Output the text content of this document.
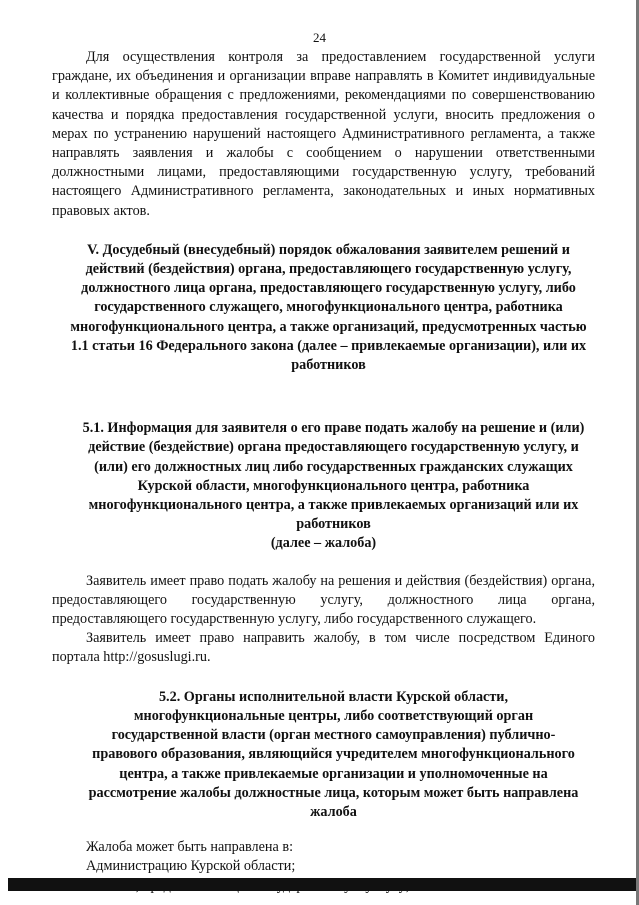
24

Для осуществления контроля за предоставлением государственной услуги граждане, их объединения и организации вправе направлять в Комитет индивидуальные и коллективные обращения с предложениями, рекомендациями по совершенствованию качества и порядка предоставления государственной услуги, вносить предложения о мерах по устранению нарушений настоящего Административного регламента, а также направлять заявления и жалобы с сообщением о нарушении ответственными должностными лицами, предоставляющими государственную услугу, требований настоящего Административного регламента, законодательных и иных нормативных правовых актов.

V. Досудебный (внесудебный) порядок обжалования заявителем решений и действий (бездействия) органа, предоставляющего государственную услугу, должностного лица органа, предоставляющего государственную услугу, либо государственного служащего, многофункционального центра, работника многофункционального центра, а также организаций, предусмотренных частью 1.1 статьи 16 Федерального закона (далее – привлекаемые организации), или их работников

5.1. Информация для заявителя о его праве подать жалобу на решение и (или) действие (бездействие) органа предоставляющего государственную услугу, и (или) его должностных лиц либо государственных гражданских служащих Курской области, многофункционального центра, работника многофункционального центра, а также привлекаемых организаций или их работников

(далее – жалоба)

Заявитель имеет право подать жалобу на решения и действия (бездействия) органа, предоставляющего государственную услугу, должностного лица органа, предоставляющего государственную услугу, либо государственного служащего.

Заявитель имеет право направить жалобу, в том числе посредством Единого портала http://gosuslugi.ru.

5.2. Органы исполнительной власти Курской области, многофункциональные центры, либо соответствующий орган государственной власти (орган местного самоуправления) публично-правового образования, являющийся учредителем многофункционального центра, а также привлекаемые организации и уполномоченные на рассмотрение жалобы должностные лица, которым может быть направлена жалоба

Жалоба может быть направлена в:
Администрацию Курской области;
